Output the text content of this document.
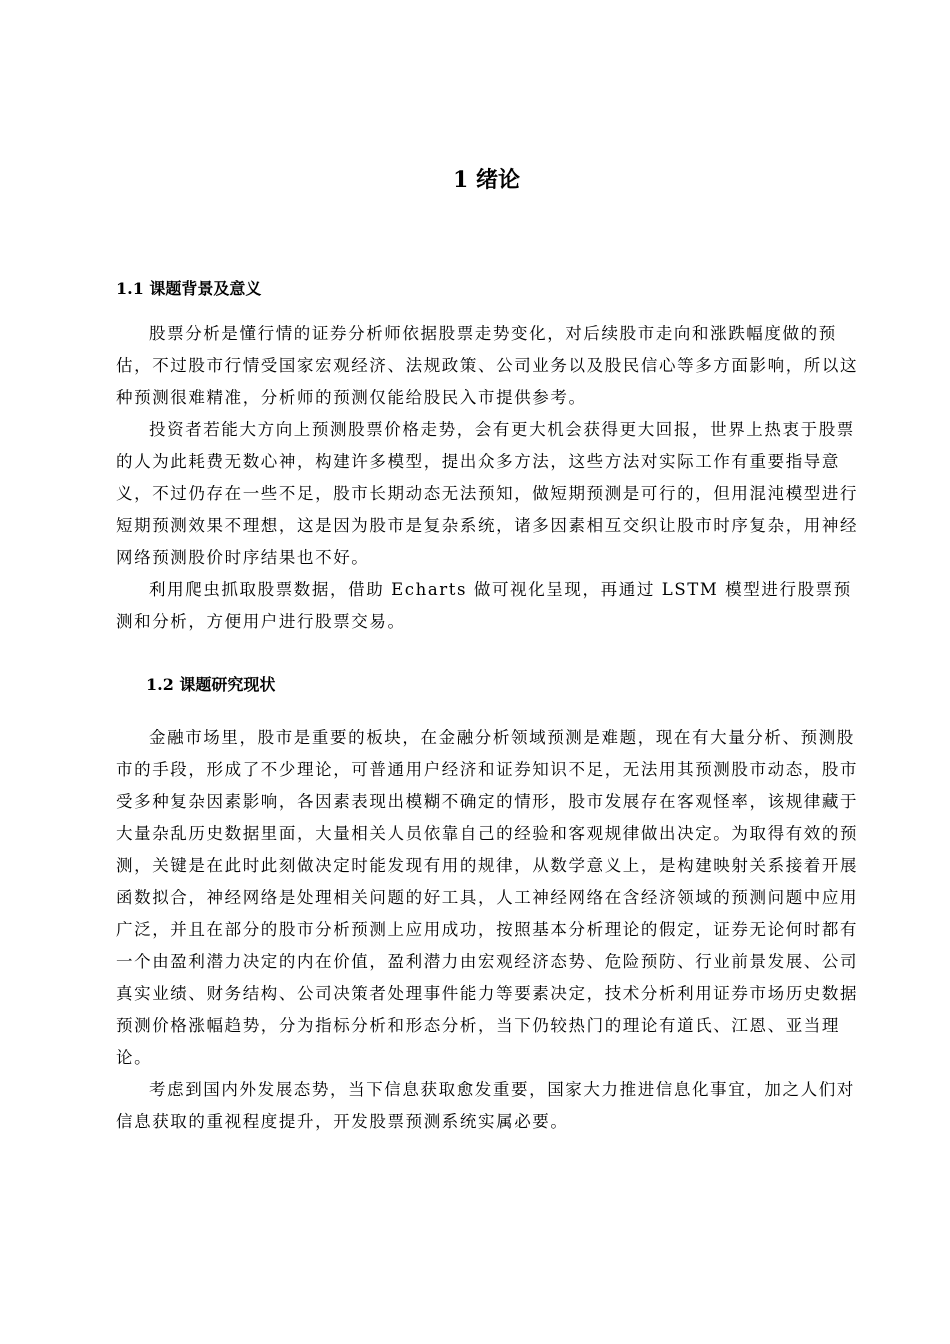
1 绪论
1.1 课题背景及意义

股票分析是懂行情的证券分析师依据股票走势变化，对后续股市走向和涨跌幅度做的预估，不过股市行情受国家宏观经济、法规政策、公司业务以及股民信心等多方面影响，所以这种预测很难精准，分析师的预测仅能给股民入市提供参考。

投资者若能大方向上预测股票价格走势，会有更大机会获得更大回报，世界上热衷于股票的人为此耗费无数心神，构建许多模型，提出众多方法，这些方法对实际工作有重要指导意义，不过仍存在一些不足，股市长期动态无法预知，做短期预测是可行的，但用混沌模型进行短期预测效果不理想，这是因为股市是复杂系统，诸多因素相互交织让股市时序复杂，用神经网络预测股价时序结果也不好。

利用爬虫抓取股票数据，借助 Echarts 做可视化呈现，再通过 LSTM 模型进行股票预测和分析，方便用户进行股票交易。

1.2 课题研究现状

金融市场里，股市是重要的板块，在金融分析领域预测是难题，现在有大量分析、预测股市的手段，形成了不少理论，可普通用户经济和证券知识不足，无法用其预测股市动态，股市受多种复杂因素影响，各因素表现出模糊不确定的情形，股市发展存在客观怪率，该规律藏于大量杂乱历史数据里面，大量相关人员依靠自己的经验和客观规律做出决定。为取得有效的预测，关键是在此时此刻做决定时能发现有用的规律，从数学意义上，是构建映射关系接着开展函数拟合，神经网络是处理相关问题的好工具，人工神经网络在含经济领域的预测问题中应用广泛，并且在部分的股市分析预测上应用成功，按照基本分析理论的假定，证券无论何时都有一个由盈利潜力决定的内在价值，盈利潜力由宏观经济态势、危险预防、行业前景发展、公司真实业绩、财务结构、公司决策者处理事件能力等要素决定，技术分析利用证券市场历史数据预测价格涨幅趋势，分为指标分析和形态分析，当下仍较热门的理论有道氏、江恩、亚当理论。

考虑到国内外发展态势，当下信息获取愈发重要，国家大力推进信息化事宜，加之人们对信息获取的重视程度提升，开发股票预测系统实属必要。
